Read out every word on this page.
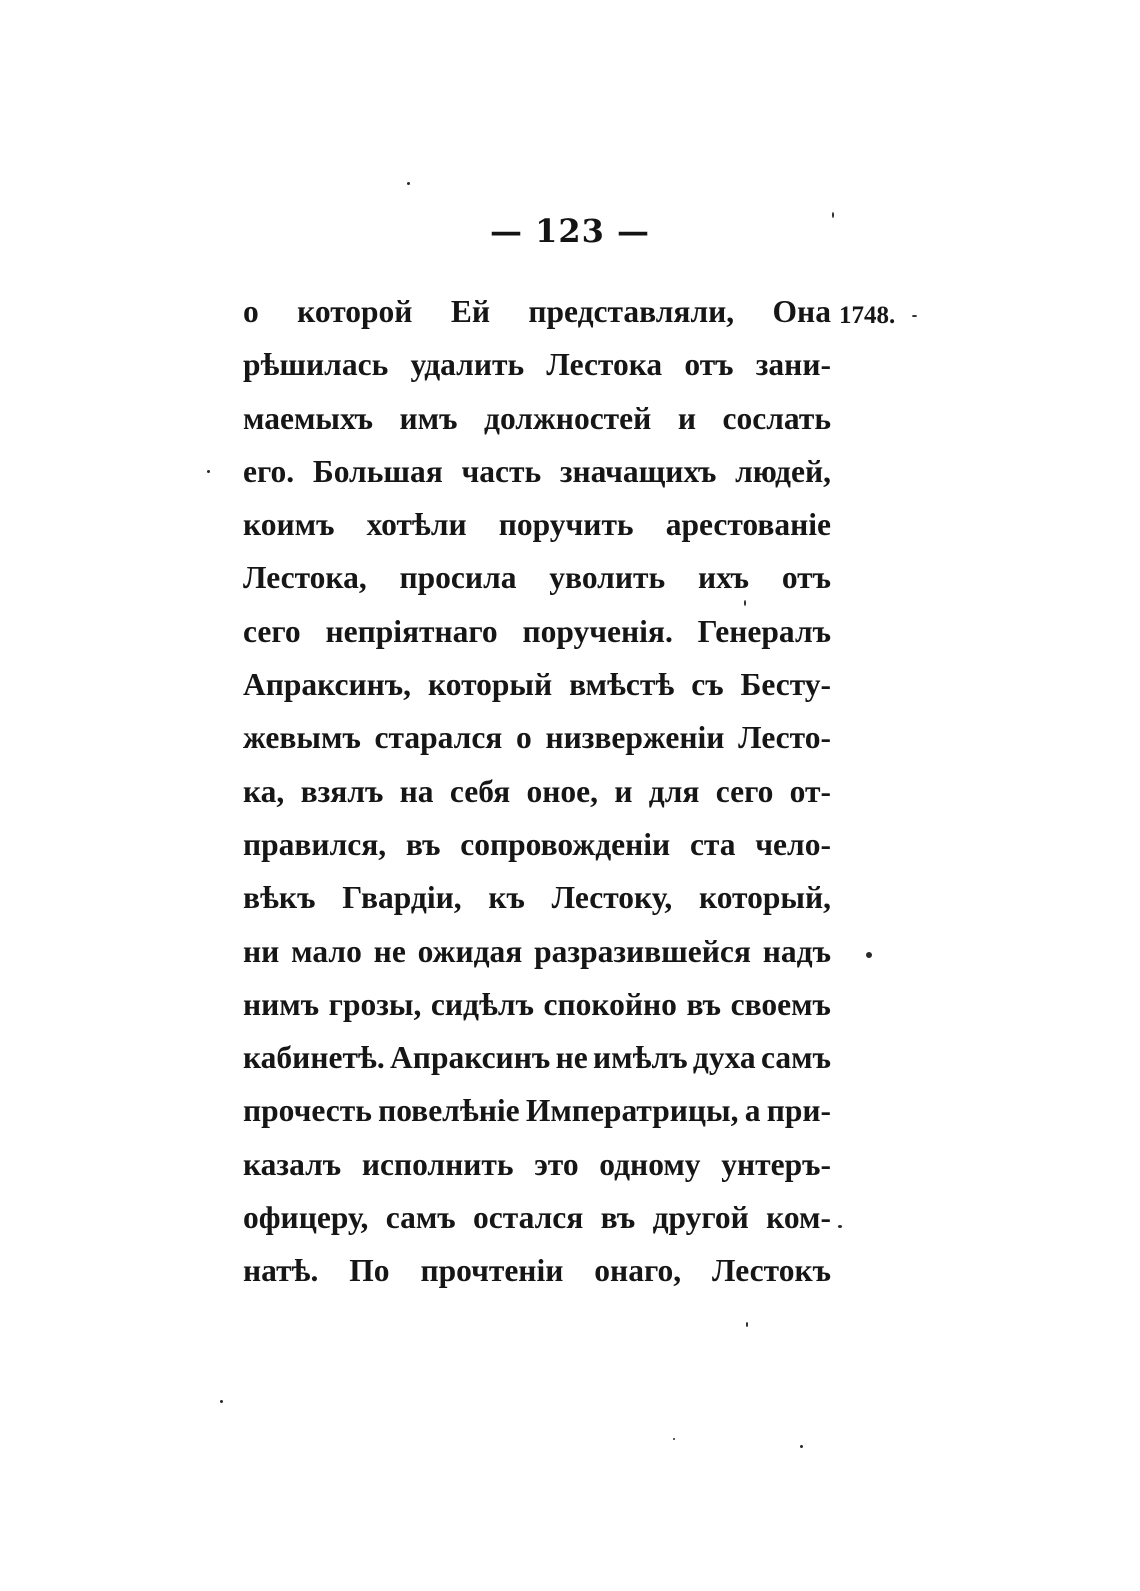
— 123 —
1748.
о которой Ей представляли, Она
рѣшилась удалить Лестока отъ зани-
маемыхъ имъ должностей и сослать
его. Большая часть значащихъ людей,
коимъ хотѣли поручить арестованіе
Лестока, просила уволить ихъ отъ
сего непріятнаго порученія. Генералъ
Апраксинъ, который вмѣстѣ съ Бесту-
жевымъ старался о низверженіи Лесто-
ка, взялъ на себя оное, и для сего от-
правился, въ сопровожденіи ста чело-
вѣкъ Гвардіи, къ Лестоку, который,
ни мало не ожидая разразившейся надъ
нимъ грозы, сидѣлъ спокойно въ своемъ
кабинетѣ. Апраксинъ не имѣлъ духа самъ
прочесть повелѣніе Императрицы, а при-
казалъ исполнить это одному унтеръ-
офицеру, самъ остался въ другой ком-
натѣ. По прочтеніи онаго, Лестокъ
